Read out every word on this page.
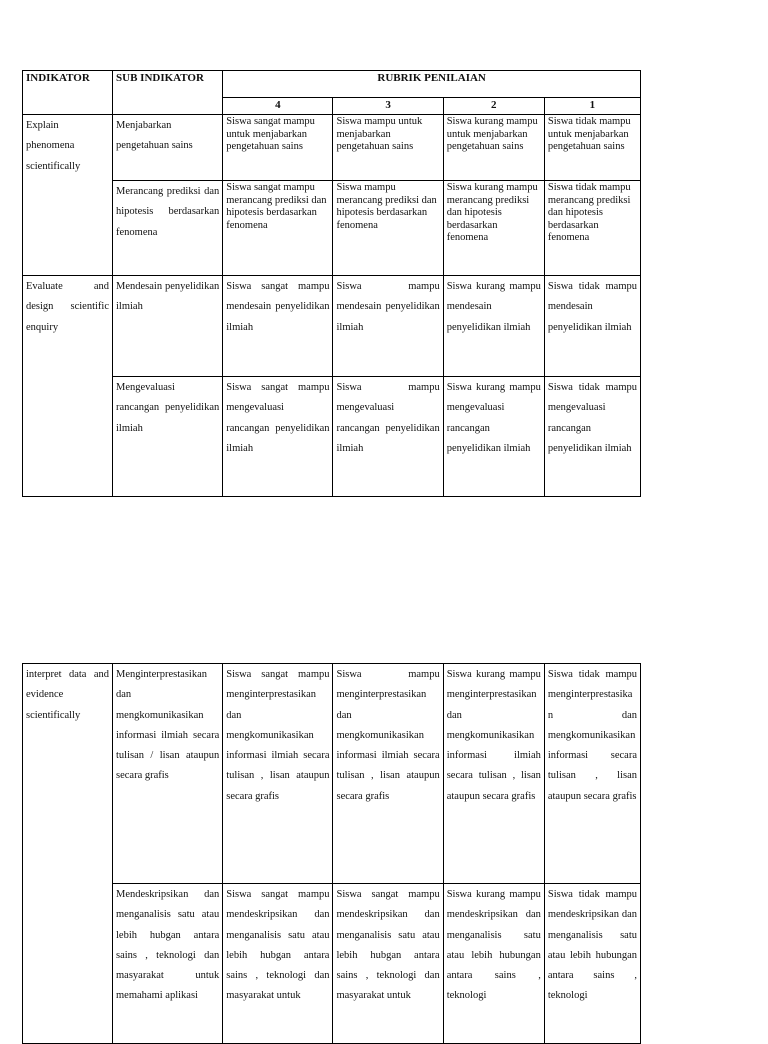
INDIKATOR	SUB INDIKATOR	RUBRIK PENILAIAN			
		4	3	2	1
Explain phenomena scientifically	Menjabarkan pengetahuan sains	Siswa sangat mampu untuk menjabarkan pengetahuan sains	Siswa mampu untuk menjabarkan pengetahuan sains	Siswa kurang mampu untuk menjabarkan pengetahuan sains	Siswa tidak mampu untuk menjabarkan pengetahuan sains
	Merancang prediksi dan hipotesis berdasarkan fenomena	Siswa sangat mampu merancang prediksi dan hipotesis berdasarkan fenomena	Siswa mampu merancang prediksi dan hipotesis berdasarkan fenomena	Siswa kurang mampu merancang prediksi dan hipotesis berdasarkan fenomena	Siswa tidak mampu merancang prediksi dan hipotesis berdasarkan fenomena
Evaluate and design scientific enquiry	Mendesain penyelidikan ilmiah	Siswa sangat mampu mendesain penyelidikan ilmiah	Siswa mampu mendesain penyelidikan ilmiah	Siswa kurang mampu mendesain penyelidikan ilmiah	Siswa tidak mampu mendesain penyelidikan ilmiah
	Mengevaluasi rancangan penyelidikan ilmiah	Siswa sangat mampu mengevaluasi rancangan penyelidikan ilmiah	Siswa mampu mengevaluasi rancangan penyelidikan ilmiah	Siswa kurang mampu mengevaluasi rancangan penyelidikan ilmiah	Siswa tidak mampu mengevaluasi rancangan penyelidikan ilmiah
interpret data and evidence scientifically	Menginterprestasikan dan mengkomunikasikan informasi ilmiah secara tulisan / lisan ataupun secara grafis	Siswa sangat mampu menginterprestasikan dan mengkomunikasikan informasi ilmiah secara tulisan , lisan ataupun secara grafis	Siswa mampu menginterprestasikan dan mengkomunikasikan informasi ilmiah secara tulisan , lisan ataupun secara grafis	Siswa kurang mampu menginterprestasikan dan mengkomunikasikan informasi ilmiah secara tulisan , lisan ataupun secara grafis	Siswa tidak mampu menginterprestasikan dan mengkomunikasikan informasi secara tulisan , lisan ataupun secara grafis
	Mendeskripsikan dan menganalisis satu atau lebih hubgan antara sains , teknologi dan masyarakat untuk memahami aplikasi	Siswa sangat mampu mendeskripsikan dan menganalisis satu atau lebih hubgan antara sains , teknologi dan masyarakat untuk	Siswa sangat mampu mendeskripsikan dan menganalisis satu atau lebih hubgan antara sains , teknologi dan masyarakat untuk	Siswa kurang mampu mendeskripsikan dan menganalisis satu atau lebih hubungan antara sains , teknologi	Siswa tidak mampu mendeskripsikan dan menganalisis satu atau lebih hubungan antara sains , teknologi
